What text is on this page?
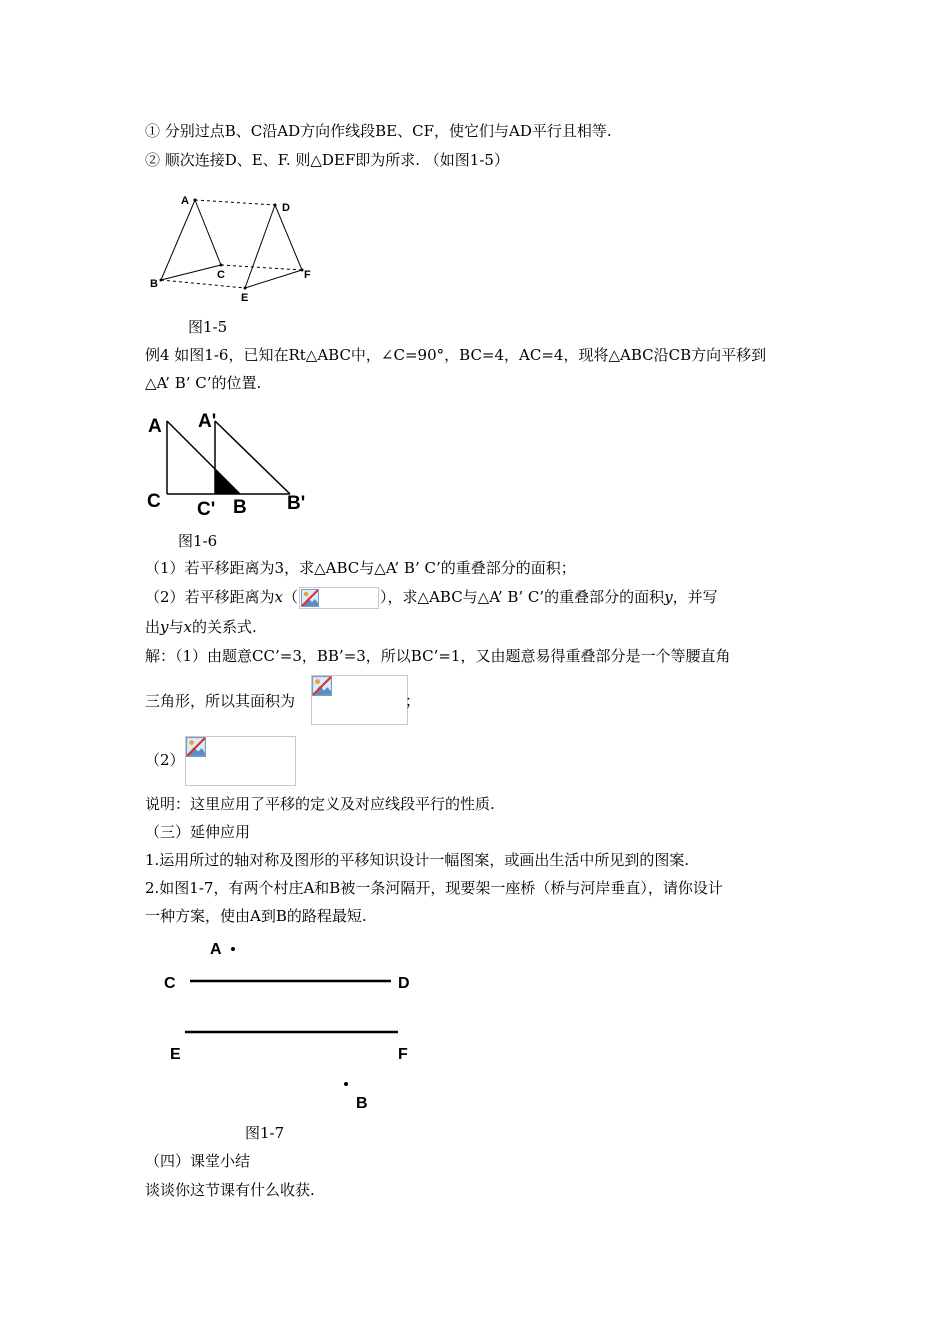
① 分别过点B、C沿AD方向作线段BE、CF，使它们与AD平行且相等.
② 顺次连接D、E、F. 则△DEF即为所求. （如图1-5）
A
B
C
D
E
F
图1-5
例4 如图1-6，已知在Rt△ABC中，∠C=90°，BC=4，AC=4，现将△ABC沿CB方向平移到
△A’ B’ C’的位置.
A A'
C C' B B'
图1-6
（1）若平移距离为3，求△ABC与△A’ B’ C’的重叠部分的面积；
（2）若平移距离为x（	），求△ABC与△A’ B’ C’的重叠部分的面积y，并写
出y与x的关系式.
解：（1）由题意CC’=3，BB’=3，所以BC’=1，又由题意易得重叠部分是一个等腰直角
三角形，所以其面积为	；
（2）
说明：这里应用了平移的定义及对应线段平行的性质.
（三）延伸应用
1.运用所过的轴对称及图形的平移知识设计一幅图案，或画出生活中所见到的图案.
2.如图1-7，有两个村庄A和B被一条河隔开，现要架一座桥（桥与河岸垂直），请你设计
一种方案，使由A到B的路程最短.
A
C	D
E	F
B
图1-7
（四）课堂小结
谈谈你这节课有什么收获.
